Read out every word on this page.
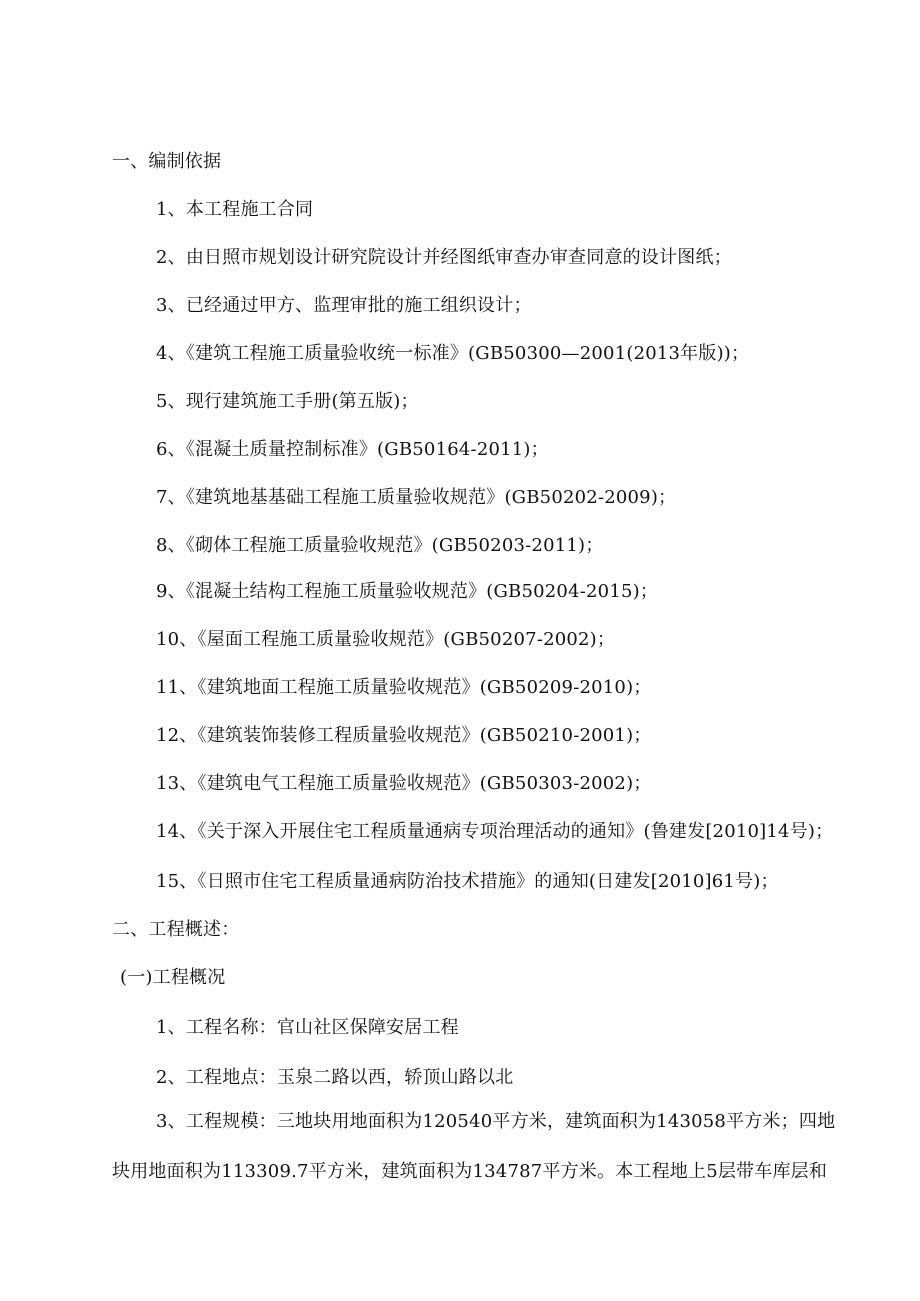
一、编制依据
1、本工程施工合同
2、由日照市规划设计研究院设计并经图纸审查办审查同意的设计图纸；
3、已经通过甲方、监理审批的施工组织设计；
4、《建筑工程施工质量验收统一标准》(GB50300—2001(2013年版))；
5、现行建筑施工手册(第五版)；
6、《混凝土质量控制标准》(GB50164-2011)；
7、《建筑地基基础工程施工质量验收规范》(GB50202-2009)；
8、《砌体工程施工质量验收规范》(GB50203-2011)；
9、《混凝土结构工程施工质量验收规范》(GB50204-2015)；
10、《屋面工程施工质量验收规范》(GB50207-2002)；
11、《建筑地面工程施工质量验收规范》(GB50209-2010)；
12、《建筑装饰装修工程质量验收规范》(GB50210-2001)；
13、《建筑电气工程施工质量验收规范》(GB50303-2002)；
14、《关于深入开展住宅工程质量通病专项治理活动的通知》(鲁建发[2010]14号)；
15、《日照市住宅工程质量通病防治技术措施》的通知(日建发[2010]61号)；
二、工程概述：
(一)工程概况
1、工程名称：官山社区保障安居工程
2、工程地点：玉泉二路以西，轿顶山路以北
3、工程规模：三地块用地面积为120540平方米，建筑面积为143058平方米；四地
块用地面积为113309.7平方米，建筑面积为134787平方米。本工程地上5层带车库层和
